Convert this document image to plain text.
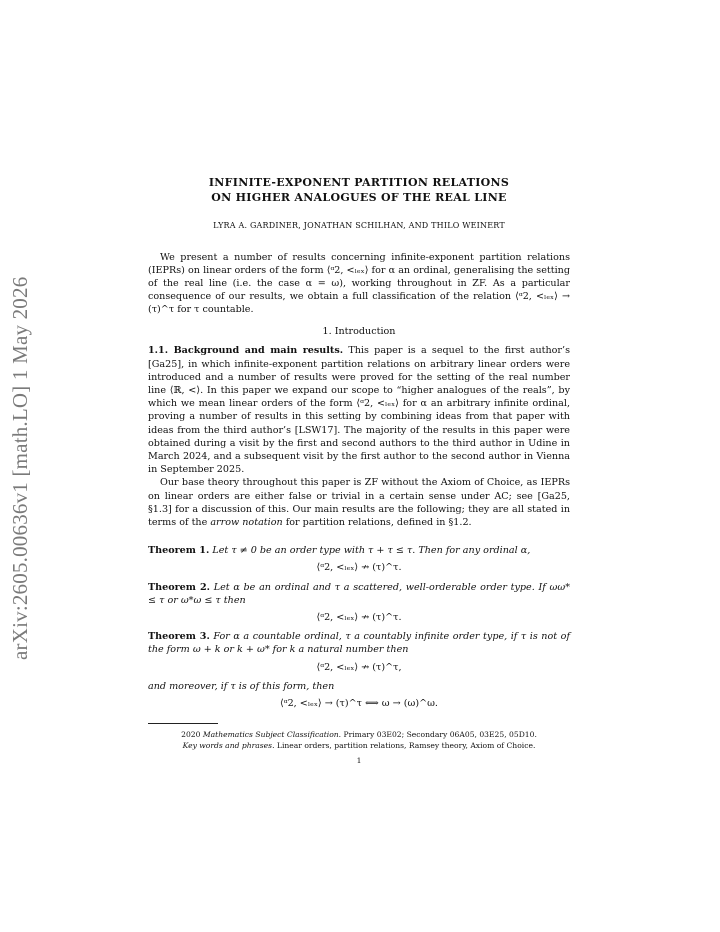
arXiv:2605.00636v1 [math.LO] 1 May 2026
INFINITE-EXPONENT PARTITION RELATIONS
ON HIGHER ANALOGUES OF THE REAL LINE
LYRA A. GARDINER, JONATHAN SCHILHAN, AND THILO WEINERT
We present a number of results concerning infinite-exponent partition relations (IEPRs) on linear orders of the form ⟨ᵅ2, <ₗₑₓ⟩ for α an ordinal, generalising the setting of the real line (i.e. the case α = ω), working throughout in ZF. As a particular consequence of our results, we obtain a full classification of the relation ⟨ᵅ2, <ₗₑₓ⟩ → (τ)^τ for τ countable.
1. Introduction
1.1. Background and main results. This paper is a sequel to the first author’s [Ga25], in which infinite-exponent partition relations on arbitrary linear orders were introduced and a number of results were proved for the setting of the real number line ⟨ℝ, <⟩. In this paper we expand our scope to “higher analogues of the reals”, by which we mean linear orders of the form ⟨ᵅ2, <ₗₑₓ⟩ for α an arbitrary infinite ordinal, proving a number of results in this setting by combining ideas from that paper with ideas from the third author’s [LSW17]. The majority of the results in this paper were obtained during a visit by the first and second authors to the third author in Udine in March 2024, and a subsequent visit by the first author to the second author in Vienna in September 2025.
Our base theory throughout this paper is ZF without the Axiom of Choice, as IEPRs on linear orders are either false or trivial in a certain sense under AC; see [Ga25, §1.3] for a discussion of this. Our main results are the following; they are all stated in terms of the arrow notation for partition relations, defined in §1.2.
Theorem 1. Let τ ≠ 0 be an order type with τ + τ ≤ τ. Then for any ordinal α,
⟨ᵅ2, <ₗₑₓ⟩ ↛ (τ)^τ.
Theorem 2. Let α be an ordinal and τ a scattered, well-orderable order type. If ωω* ≤ τ or ω*ω ≤ τ then
⟨ᵅ2, <ₗₑₓ⟩ ↛ (τ)^τ.
Theorem 3. For α a countable ordinal, τ a countably infinite order type, if τ is not of the form ω + k or k + ω* for k a natural number then
⟨ᵅ2, <ₗₑₓ⟩ ↛ (τ)^τ,
and moreover, if τ is of this form, then
⟨ᵅ2, <ₗₑₓ⟩ → (τ)^τ ⟺ ω → (ω)^ω.
2020 Mathematics Subject Classification. Primary 03E02; Secondary 06A05, 03E25, 05D10.
Key words and phrases. Linear orders, partition relations, Ramsey theory, Axiom of Choice.
1
